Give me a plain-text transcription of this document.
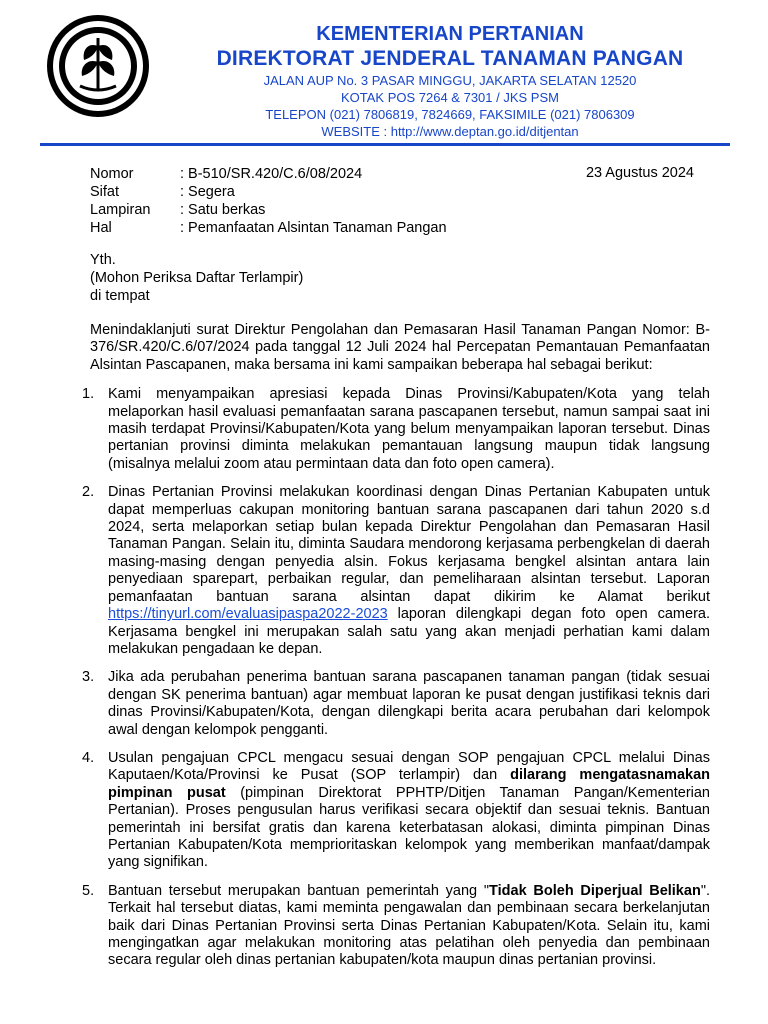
KEMENTERIAN PERTANIAN
DIREKTORAT JENDERAL TANAMAN PANGAN
JALAN AUP No. 3 PASAR MINGGU, JAKARTA SELATAN 12520
KOTAK POS 7264 & 7301 / JKS PSM
TELEPON (021) 7806819, 7824669, FAKSIMILE (021) 7806309
WEBSITE : http://www.deptan.go.id/ditjentan
Nomor	: B-510/SR.420/C.6/08/2024
Sifat	: Segera
Lampiran	: Satu berkas
Hal	: Pemanfaatan Alsintan Tanaman Pangan
23 Agustus 2024
Yth.
(Mohon Periksa Daftar Terlampir)
di tempat

Menindaklanjuti surat Direktur Pengolahan dan Pemasaran Hasil Tanaman Pangan Nomor: B-376/SR.420/C.6/07/2024 pada tanggal 12 Juli 2024 hal Percepatan Pemantauan Pemanfaatan Alsintan Pascapanen, maka bersama ini kami sampaikan beberapa hal sebagai berikut:

1. Kami menyampaikan apresiasi kepada Dinas Provinsi/Kabupaten/Kota yang telah melaporkan hasil evaluasi pemanfaatan sarana pascapanen tersebut, namun sampai saat ini masih terdapat Provinsi/Kabupaten/Kota yang belum menyampaikan laporan tersebut. Dinas pertanian provinsi diminta melakukan pemantauan langsung maupun tidak langsung (misalnya melalui zoom atau permintaan data dan foto open camera).

2. Dinas Pertanian Provinsi melakukan koordinasi dengan Dinas Pertanian Kabupaten untuk dapat memperluas cakupan monitoring bantuan sarana pascapanen dari tahun 2020 s.d 2024, serta melaporkan setiap bulan kepada Direktur Pengolahan dan Pemasaran Hasil Tanaman Pangan. Selain itu, diminta Saudara mendorong kerjasama perbengkelan di daerah masing-masing dengan penyedia alsin. Fokus kerjasama bengkel alsintan antara lain penyediaan sparepart, perbaikan regular, dan pemeliharaan alsintan tersebut. Laporan pemanfaatan bantuan sarana alsintan dapat dikirim ke Alamat berikut https://tinyurl.com/evaluasipaspa2022-2023 laporan dilengkapi degan foto open camera. Kerjasama bengkel ini merupakan salah satu yang akan menjadi perhatian kami dalam melakukan pengadaan ke depan.

3. Jika ada perubahan penerima bantuan sarana pascapanen tanaman pangan (tidak sesuai dengan SK penerima bantuan) agar membuat laporan ke pusat dengan justifikasi teknis dari dinas Provinsi/Kabupaten/Kota, dengan dilengkapi berita acara perubahan dari kelompok awal dengan kelompok pengganti.

4. Usulan pengajuan CPCL mengacu sesuai dengan SOP pengajuan CPCL melalui Dinas Kaputaen/Kota/Provinsi ke Pusat (SOP terlampir) dan dilarang mengatasnamakan pimpinan pusat (pimpinan Direktorat PPHTP/Ditjen Tanaman Pangan/Kementerian Pertanian). Proses pengusulan harus verifikasi secara objektif dan sesuai teknis. Bantuan pemerintah ini bersifat gratis dan karena keterbatasan alokasi, diminta pimpinan Dinas Pertanian Kabupaten/Kota memprioritaskan kelompok yang memberikan manfaat/dampak yang signifikan.

5. Bantuan tersebut merupakan bantuan pemerintah yang "Tidak Boleh Diperjual Belikan". Terkait hal tersebut diatas, kami meminta pengawalan dan pembinaan secara berkelanjutan baik dari Dinas Pertanian Provinsi serta Dinas Pertanian Kabupaten/Kota. Selain itu, kami mengingatkan agar melakukan monitoring atas pelatihan oleh penyedia dan pembinaan secara regular oleh dinas pertanian kabupaten/kota maupun dinas pertanian provinsi.
